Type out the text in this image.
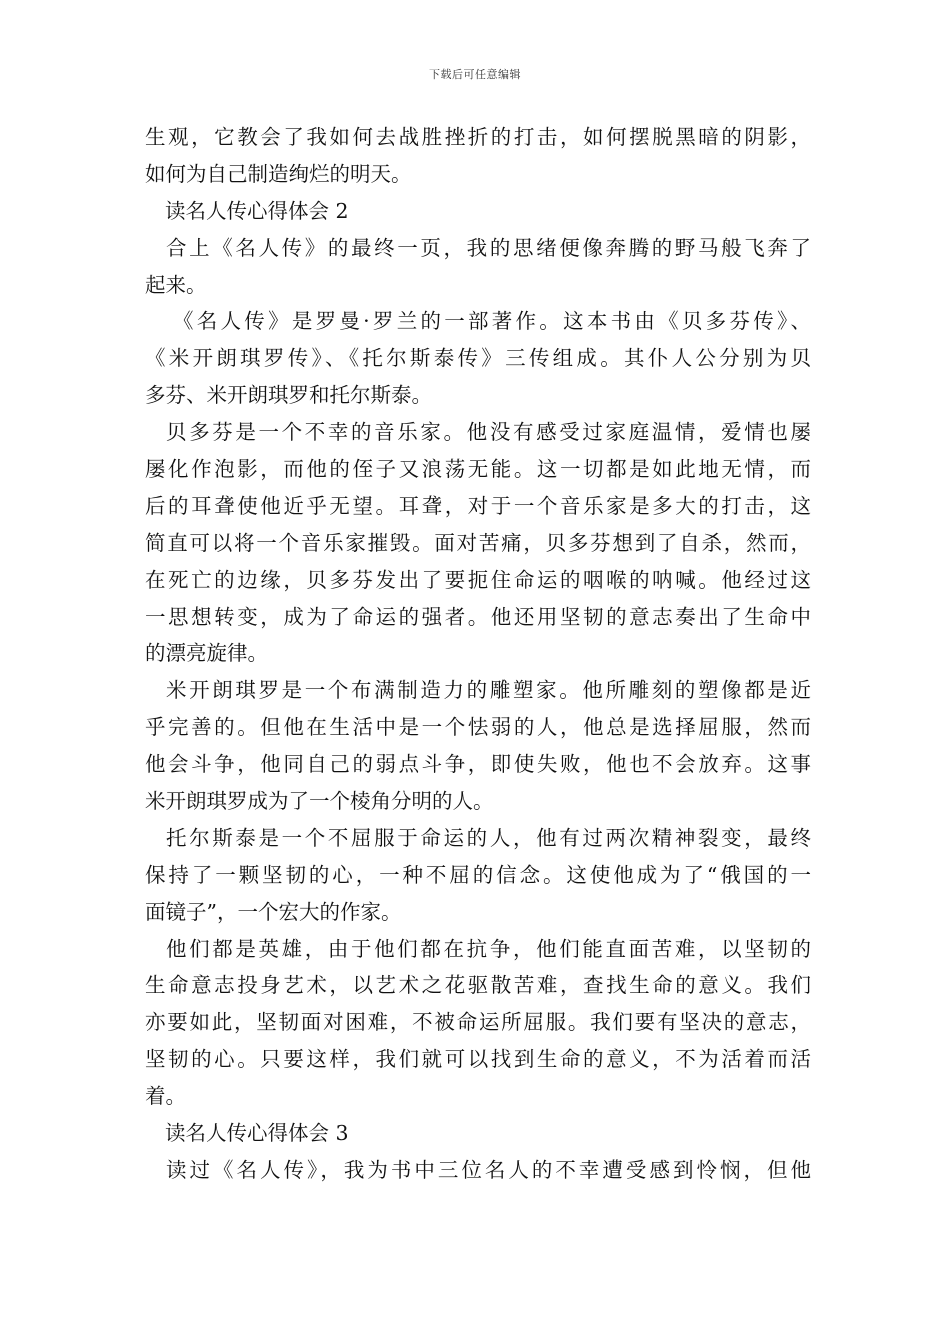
下载后可任意编辑
生观，它教会了我如何去战胜挫折的打击，如何摆脱黑暗的阴影，
如何为自己制造绚烂的明天。
读名人传心得体会 2
合上《名人传》的最终一页，我的思绪便像奔腾的野马般飞奔了
起来。
《名人传》是罗曼·罗兰的一部著作。这本书由《贝多芬传》、
《米开朗琪罗传》、《托尔斯泰传》三传组成。其仆人公分别为贝
多芬、米开朗琪罗和托尔斯泰。
贝多芬是一个不幸的音乐家。他没有感受过家庭温情，爱情也屡
屡化作泡影，而他的侄子又浪荡无能。这一切都是如此地无情，而
后的耳聋使他近乎无望。耳聋，对于一个音乐家是多大的打击，这
简直可以将一个音乐家摧毁。面对苦痛，贝多芬想到了自杀，然而，
在死亡的边缘，贝多芬发出了要扼住命运的咽喉的呐喊。他经过这
一思想转变，成为了命运的强者。他还用坚韧的意志奏出了生命中
的漂亮旋律。
米开朗琪罗是一个布满制造力的雕塑家。他所雕刻的塑像都是近
乎完善的。但他在生活中是一个怯弱的人，他总是选择屈服，然而
他会斗争，他同自己的弱点斗争，即使失败，他也不会放弃。这事
米开朗琪罗成为了一个棱角分明的人。
托尔斯泰是一个不屈服于命运的人，他有过两次精神裂变，最终
保持了一颗坚韧的心，一种不屈的信念。这使他成为了“俄国的一
面镜子”，一个宏大的作家。
他们都是英雄，由于他们都在抗争，他们能直面苦难，以坚韧的
生命意志投身艺术，以艺术之花驱散苦难，查找生命的意义。我们
亦要如此，坚韧面对困难，不被命运所屈服。我们要有坚决的意志，
坚韧的心。只要这样，我们就可以找到生命的意义，不为活着而活
着。
读名人传心得体会 3
读过《名人传》，我为书中三位名人的不幸遭受感到怜悯，但他
